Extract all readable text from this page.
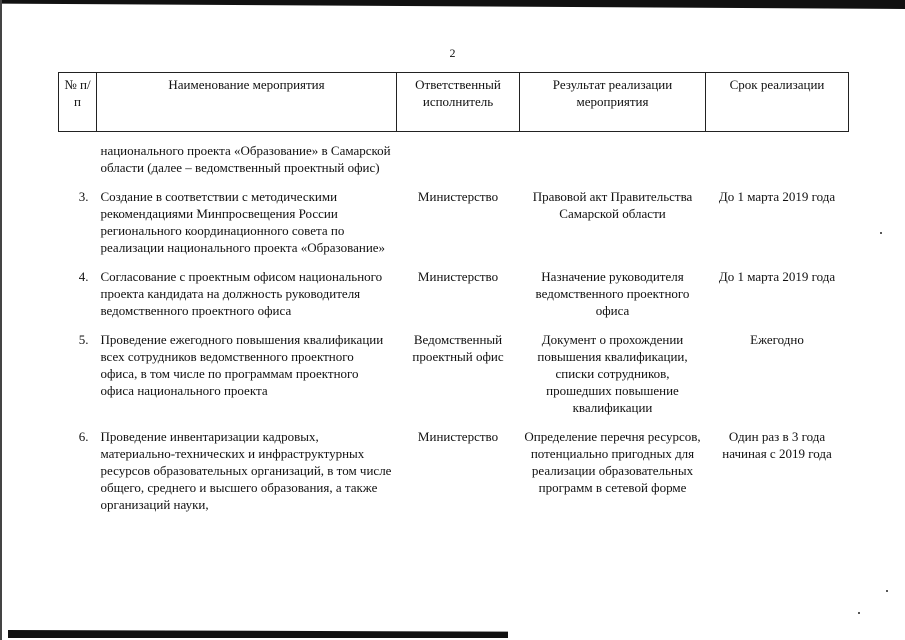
2
№ п/п	Наименование мероприятия	Ответственный исполнитель	Результат реализации мероприятия	Срок реализации
	национального проекта «Образование» в Самарской области (далее – ведомственный проектный офис)			
3.	Создание в соответствии с методическими рекомендациями Минпросвещения России регионального координационного совета по реализации национального проекта «Образование»	Министерство	Правовой акт Правительства Самарской области	До 1 марта 2019 года
4.	Согласование с проектным офисом национального проекта кандидата на должность руководителя ведомственного проектного офиса	Министерство	Назначение руководителя ведомственного проектного офиса	До 1 марта 2019 года
5.	Проведение ежегодного повышения квалификации всех сотрудников ведомственного проектного офиса, в том числе по программам проектного офиса национального проекта	Ведомственный проектный офис	Документ о прохождении повышения квалификации, списки сотрудников, прошедших повышение квалификации	Ежегодно
6.	Проведение инвентаризации кадровых, материально-технических и инфраструктурных ресурсов образовательных организаций, в том числе общего, среднего и высшего образования, а также организаций науки,	Министерство	Определение перечня ресурсов, потенциально пригодных для реализации образовательных программ в сетевой форме	Один раз в 3 года начиная с 2019 года
